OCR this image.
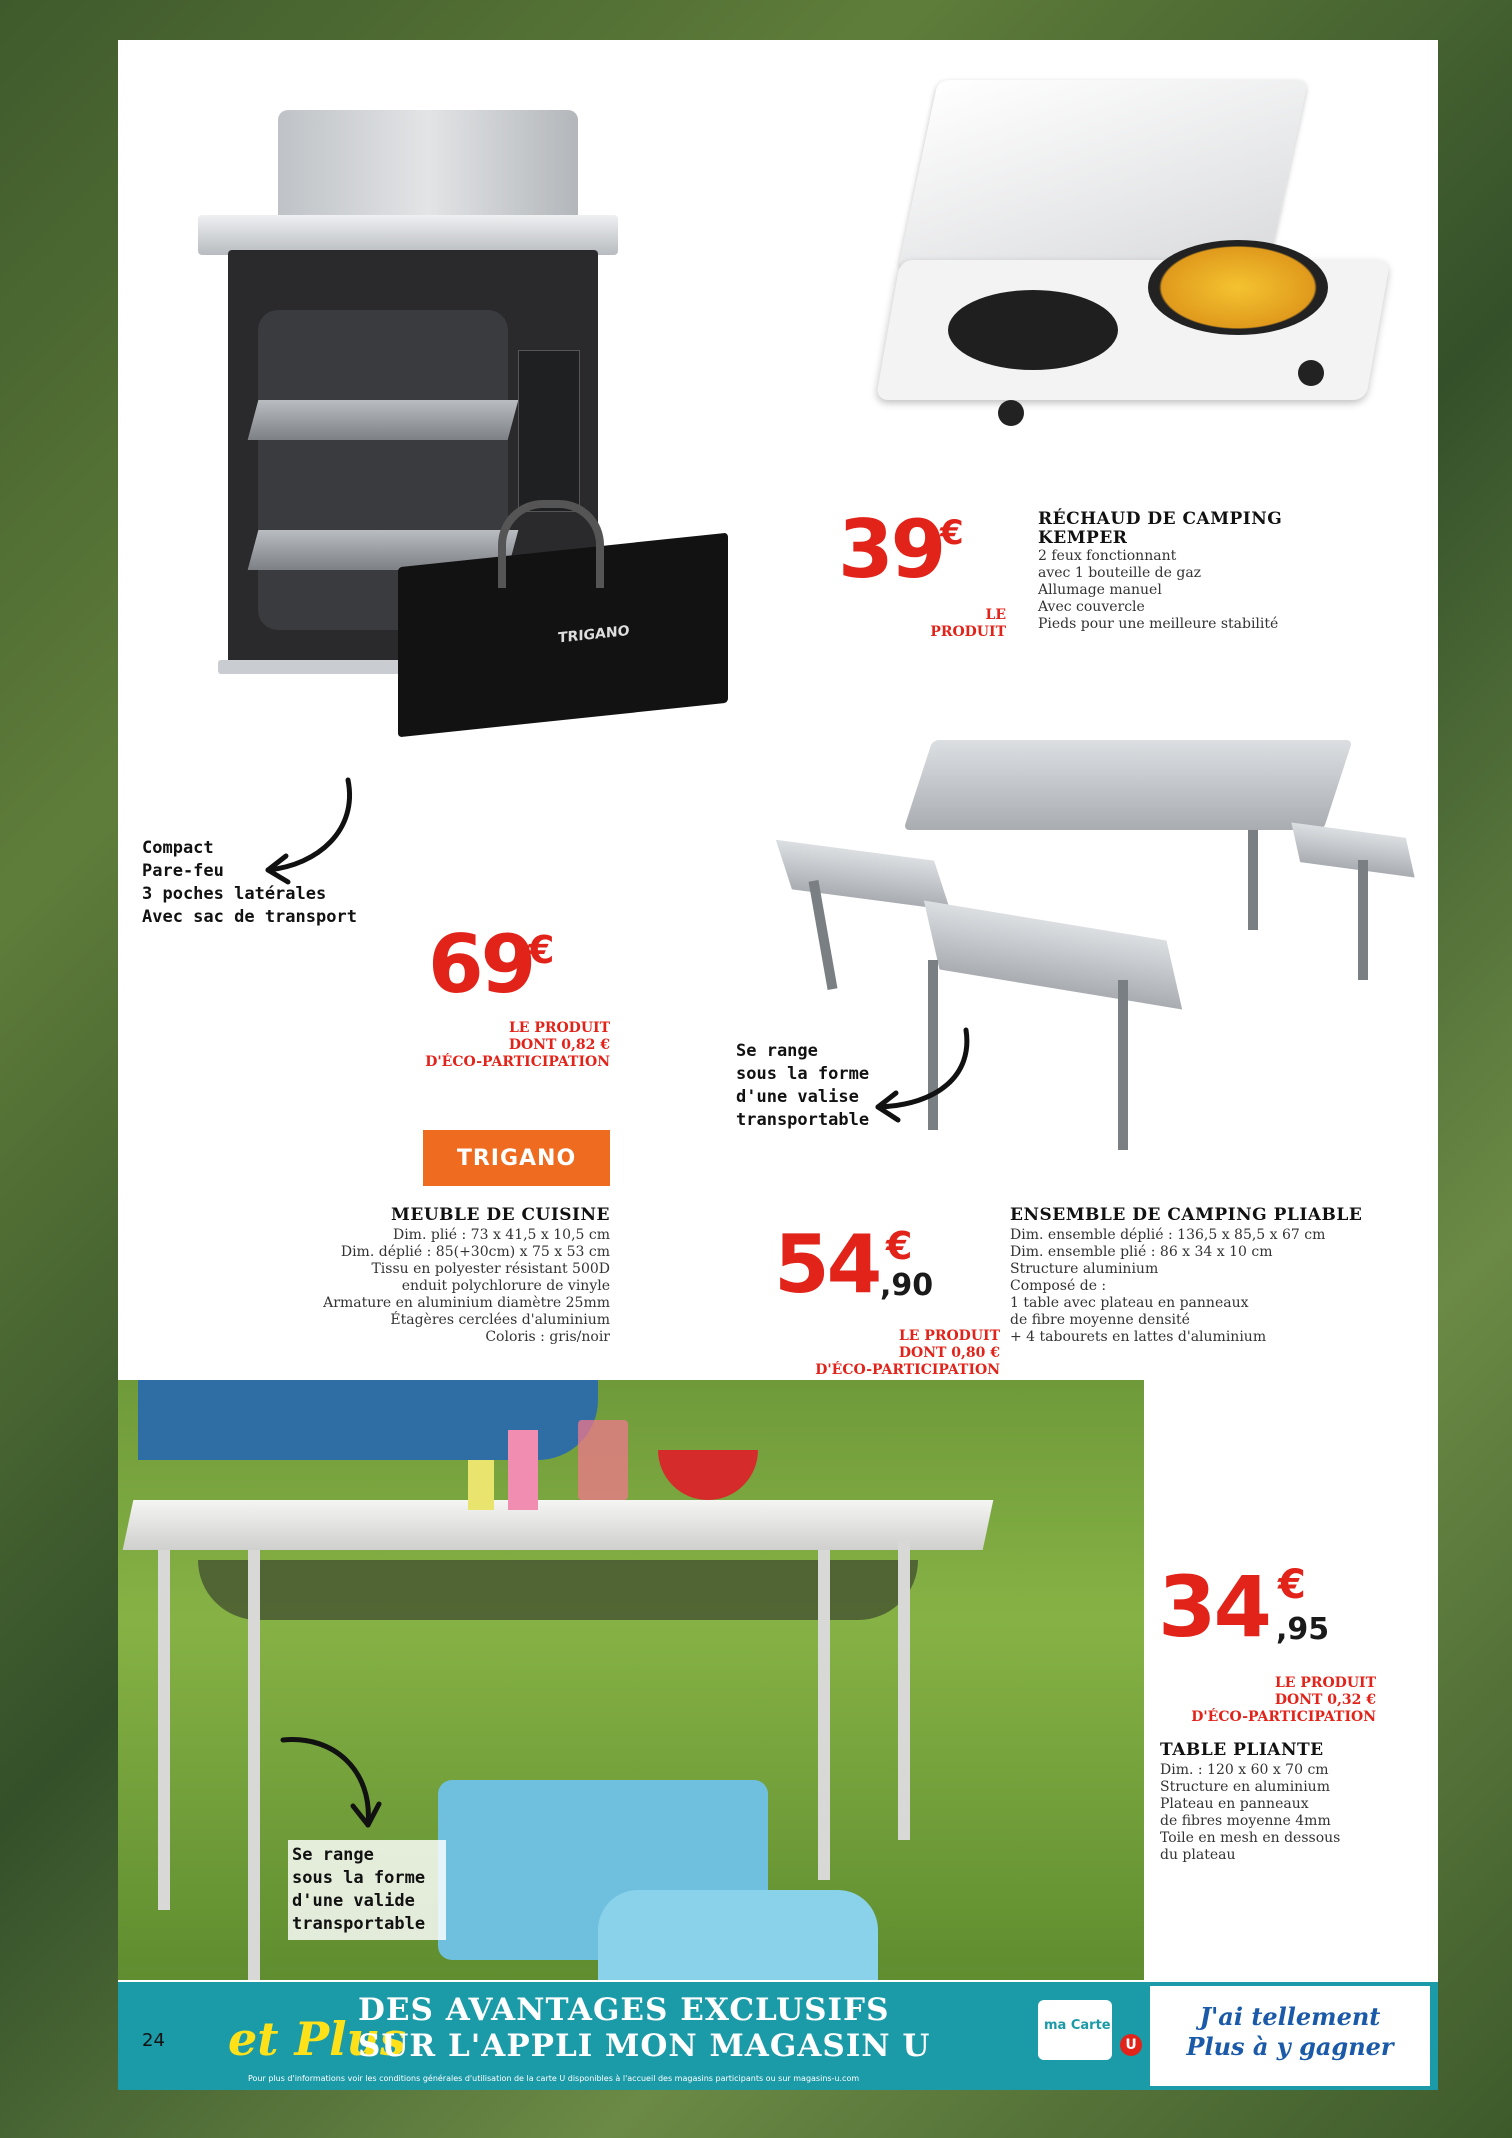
TRIGANO
Compact
Pare-feu
3 poches latérales
Avec sac de transport
69
€
LE PRODUIT
DONT 0,82 €
D'ÉCO-PARTICIPATION
TRIGANO
MEUBLE DE CUISINE
Dim. plié : 73 x 41,5 x 10,5 cm
Dim. déplié : 85(+30cm) x 75 x 53 cm
Tissu en polyester résistant 500D
enduit polychlorure de vinyle
Armature en aluminium diamètre 25mm
Étagères cerclées d'aluminium
Coloris : gris/noir
39
€
LE PRODUIT
RÉCHAUD DE CAMPING
KEMPER
2 feux fonctionnant
avec 1 bouteille de gaz
Allumage manuel
Avec couvercle
Pieds pour une meilleure stabilité
Se range
sous la forme
d'une valise
transportable
54 €
,90
LE PRODUIT
DONT 0,80 €
D'ÉCO-PARTICIPATION
ENSEMBLE DE CAMPING PLIABLE
Dim. ensemble déplié : 136,5 x 85,5 x 67 cm
Dim. ensemble plié : 86 x 34 x 10 cm
Structure aluminium
Composé de :
1 table avec plateau en panneaux
de fibre moyenne densité
+ 4 tabourets en lattes d'aluminium
Se range
sous la forme
d'une valide
transportable
34 €
,95
LE PRODUIT
DONT 0,32 €
D'ÉCO-PARTICIPATION
TABLE PLIANTE
Dim. : 120 x 60 x 70 cm
Structure en aluminium
Plateau en panneaux
de fibres moyenne 4mm
Toile en mesh en dessous
du plateau
24 et Plus
DES AVANTAGES EXCLUSIFS
SUR L'APPLI MON MAGASIN U
Pour plus d'informations voir les conditions générales d'utilisation de la carte U disponibles à l'accueil des magasins participants ou sur magasins-u.com
ma Carte
U
J'ai tellement
Plus à y gagner
